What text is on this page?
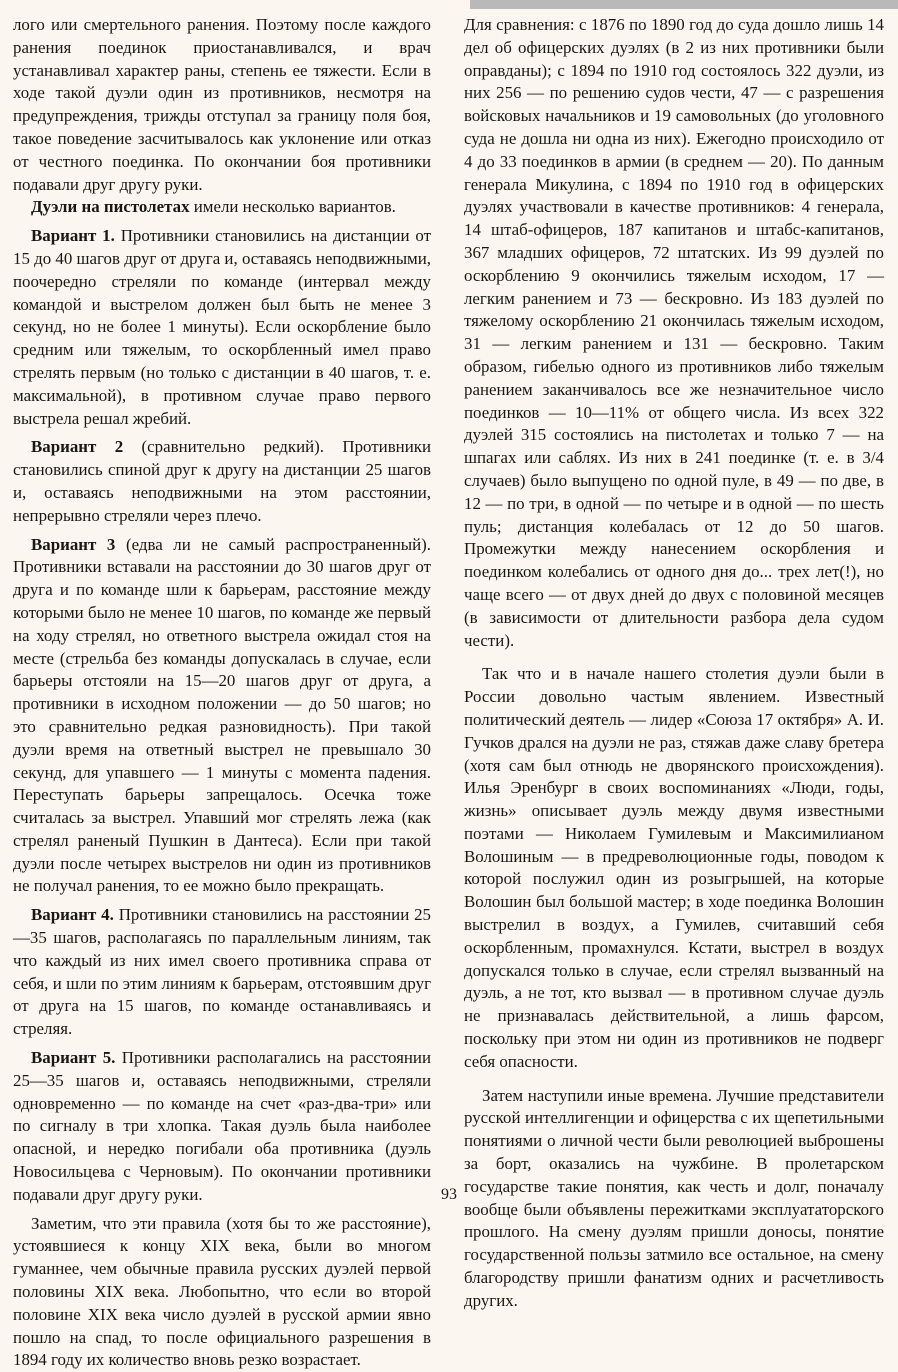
лого или смертельного ранения. Поэтому после каждого ранения поединок приостанавливался, и врач устанавливал характер раны, степень ее тяжести. Если в ходе такой дуэли один из противников, несмотря на предупреждения, трижды отступал за границу поля боя, такое поведение засчитывалось как уклонение или отказ от честного поединка. По окончании боя противники подавали друг другу руки.

Дуэли на пистолетах имели несколько вариантов.

Вариант 1. Противники становились на дистанции от 15 до 40 шагов друг от друга и, оставаясь неподвижными, поочередно стреляли по команде (интервал между командой и выстрелом должен был быть не менее 3 секунд, но не более 1 минуты). Если оскорбление было средним или тяжелым, то оскорбленный имел право стрелять первым (но только с дистанции в 40 шагов, т. е. максимальной), в противном случае право первого выстрела решал жребий.

Вариант 2 (сравнительно редкий). Противники становились спиной друг к другу на дистанции 25 шагов и, оставаясь неподвижными на этом расстоянии, непрерывно стреляли через плечо.

Вариант 3 (едва ли не самый распространенный). Противники вставали на расстоянии до 30 шагов друг от друга и по команде шли к барьерам, расстояние между которыми было не менее 10 шагов, по команде же первый на ходу стрелял, но ответного выстрела ожидал стоя на месте (стрельба без команды допускалась в случае, если барьеры отстояли на 15—20 шагов друг от друга, а противники в исходном положении — до 50 шагов; но это сравнительно редкая разновидность). При такой дуэли время на ответный выстрел не превышало 30 секунд, для упавшего — 1 минуты с момента падения. Переступать барьеры запрещалось. Осечка тоже считалась за выстрел. Упавший мог стрелять лежа (как стрелял раненый Пушкин в Дантеса). Если при такой дуэли после четырех выстрелов ни один из противников не получал ранения, то ее можно было прекращать.

Вариант 4. Противники становились на расстоянии 25—35 шагов, располагаясь по параллельным линиям, так что каждый из них имел своего противника справа от себя, и шли по этим линиям к барьерам, отстоявшим друг от друга на 15 шагов, по команде останавливаясь и стреляя.

Вариант 5. Противники располагались на расстоянии 25—35 шагов и, оставаясь неподвижными, стреляли одновременно — по команде на счет «раз-два-три» или по сигналу в три хлопка. Такая дуэль была наиболее опасной, и нередко погибали оба противника (дуэль Новосильцева с Черновым). По окончании противники подавали друг другу руки.

Заметим, что эти правила (хотя бы то же расстояние), устоявшиеся к концу XIX века, были во многом гуманнее, чем обычные правила русских дуэлей первой половины XIX века. Любопытно, что если во второй половине XIX века число дуэлей в русской армии явно пошло на спад, то после официального разрешения в 1894 году их количество вновь резко возрастает.

Для сравнения: с 1876 по 1890 год до суда дошло лишь 14 дел об офицерских дуэлях (в 2 из них противники были оправданы); с 1894 по 1910 год состоялось 322 дуэли, из них 256 — по решению судов чести, 47 — с разрешения войсковых начальников и 19 самовольных (до уголовного суда не дошла ни одна из них). Ежегодно происходило от 4 до 33 поединков в армии (в среднем — 20). По данным генерала Микулина, с 1894 по 1910 год в офицерских дуэлях участвовали в качестве противников: 4 генерала, 14 штаб-офицеров, 187 капитанов и штабс-капитанов, 367 младших офицеров, 72 штатских. Из 99 дуэлей по оскорблению 9 окончились тяжелым исходом, 17 — легким ранением и 73 — бескровно. Из 183 дуэлей по тяжелому оскорблению 21 окончилась тяжелым исходом, 31 — легким ранением и 131 — бескровно. Таким образом, гибелью одного из противников либо тяжелым ранением заканчивалось все же незначительное число поединков — 10—11% от общего числа. Из всех 322 дуэлей 315 состоялись на пистолетах и только 7 — на шпагах или саблях. Из них в 241 поединке (т. е. в 3/4 случаев) было выпущено по одной пуле, в 49 — по две, в 12 — по три, в одной — по четыре и в одной — по шесть пуль; дистанция колебалась от 12 до 50 шагов. Промежутки между нанесением оскорбления и поединком колебались от одного дня до... трех лет(!), но чаще всего — от двух дней до двух с половиной месяцев (в зависимости от длительности разбора дела судом чести).

Так что и в начале нашего столетия дуэли были в России довольно частым явлением. Известный политический деятель — лидер «Союза 17 октября» А. И. Гучков дрался на дуэли не раз, стяжав даже славу бретера (хотя сам был отнюдь не дворянского происхождения). Илья Эренбург в своих воспоминаниях «Люди, годы, жизнь» описывает дуэль между двумя известными поэтами — Николаем Гумилевым и Максимилианом Волошиным — в предреволюционные годы, поводом к которой послужил один из розыгрышей, на которые Волошин был большой мастер; в ходе поединка Волошин выстрелил в воздух, а Гумилев, считавший себя оскорбленным, промахнулся. Кстати, выстрел в воздух допускался только в случае, если стрелял вызванный на дуэль, а не тот, кто вызвал — в противном случае дуэль не признавалась действительной, а лишь фарсом, поскольку при этом ни один из противников не подверг себя опасности.

Затем наступили иные времена. Лучшие представители русской интеллигенции и офицерства с их щепетильными понятиями о личной чести были революцией выброшены за борт, оказались на чужбине. В пролетарском государстве такие понятия, как честь и долг, поначалу вообще были объявлены пережитками эксплуататорского прошлого. На смену дуэлям пришли доносы, понятие государственной пользы затмило все остальное, на смену благородству пришли фанатизм одних и расчетливость других.

93
